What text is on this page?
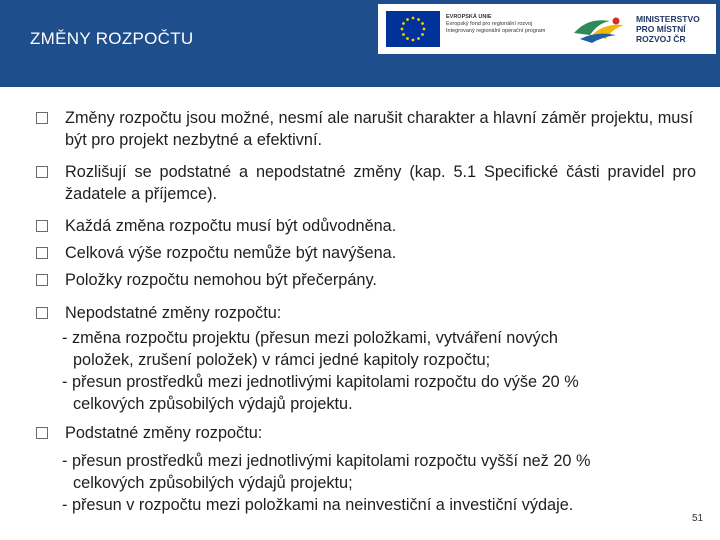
ZMĚNY ROZPOČTU
EVROPSKÁ UNIE
Evropský fond pro regionální rozvoj
Integrovaný regionální operační program
MINISTERSTVO
PRO MÍSTNÍ
ROZVOJ ČR
Změny rozpočtu jsou možné, nesmí ale narušit charakter a hlavní záměr projektu, musí být pro projekt nezbytné a efektivní.
Rozlišují se podstatné a nepodstatné změny (kap. 5.1 Specifické části pravidel pro žadatele a příjemce).
Každá změna rozpočtu musí být odůvodněna.
Celková výše rozpočtu nemůže být navýšena.
Položky rozpočtu nemohou být přečerpány.
Nepodstatné změny rozpočtu:
- změna rozpočtu projektu (přesun mezi položkami, vytváření nových
položek, zrušení položek) v rámci jedné kapitoly rozpočtu;
- přesun prostředků mezi jednotlivými kapitolami rozpočtu do výše 20 %
celkových způsobilých výdajů projektu.
Podstatné změny rozpočtu:
- přesun prostředků mezi jednotlivými kapitolami rozpočtu vyšší než 20 %
celkových způsobilých výdajů projektu;
- přesun v rozpočtu mezi položkami na neinvestiční a investiční výdaje.
51
